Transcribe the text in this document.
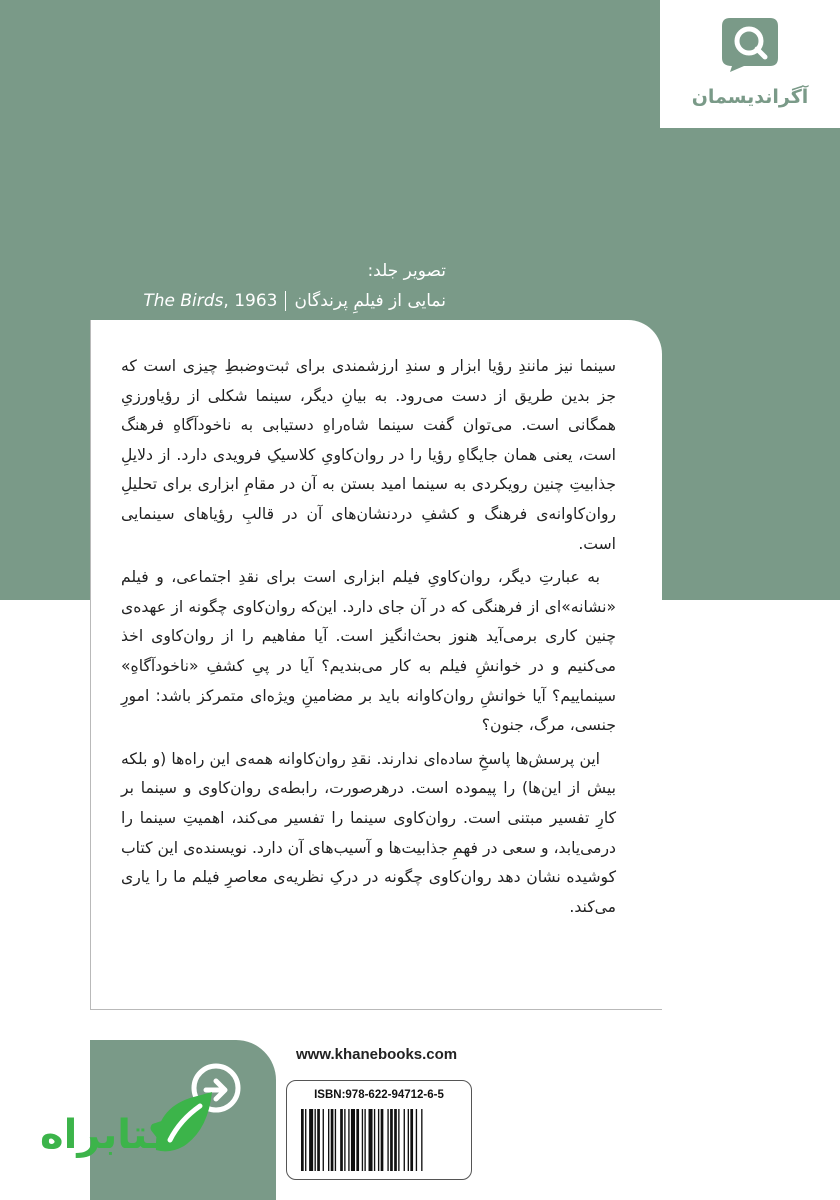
آگراندیسمان
تصویر جلد:
نمایی از فیلمِ پرندگانThe Birds, 1963

سینما نیز مانندِ رؤیا ابزار و سندِ ارزشمندی برای ثبت‌وضبطِ چیزی است که جز بدین طریق از دست می‌رود. به بیانِ دیگر، سینما شکلی از رؤیاورزیِ همگانی است. می‌توان گفت سینما شاه‌راهِ دستیابی به ناخودآگاهِ فرهنگ است، یعنی همان جایگاهِ رؤیا را در روان‌کاویِ کلاسیکِ فرویدی دارد. از دلایلِ جذابیتِ چنین رویکردی به سینما امید بستن به آن در مقامِ ابزاری برای تحلیلِ روان‌کاوانه‌ی فرهنگ و کشفِ دردنشان‌های آن در قالبِ رؤیاهای سینمایی است.

به عبارتِ دیگر، روان‌کاویِ فیلم ابزاری است برای نقدِ اجتماعی، و فیلم «نشانه»ای از فرهنگی که در آن جای دارد. این‌که روان‌کاوی چگونه از عهده‌ی چنین کاری برمی‌آید هنوز بحث‌انگیز است. آیا مفاهیم را از روان‌کاوی اخذ می‌کنیم و در خوانشِ فیلم به کار می‌بندیم؟ آیا در پیِ کشفِ «ناخودآگاهِ» سینماییم؟ آیا خوانشِ روان‌کاوانه باید بر مضامینِ ویژه‌ای متمرکز باشد: امورِ جنسی، مرگ، جنون؟

این پرسش‌ها پاسخِ ساده‌ای ندارند. نقدِ روان‌کاوانه همه‌ی این راه‌ها (و بلکه بیش از این‌ها) را پیموده است. درهرصورت، رابطه‌ی روان‌کاوی و سینما بر کارِ تفسیر مبتنی است. روان‌کاوی سینما را تفسیر می‌کند، اهمیتِ سینما را درمی‌یابد، و سعی در فهمِ جذابیت‌ها و آسیب‌های آن دارد. نویسنده‌ی این کتاب کوشیده نشان دهد روان‌کاوی چگونه در درکِ نظریه‌ی معاصرِ فیلم ما را یاری می‌کند.

کتابراه
www.khanebooks.com
ISBN:978-622-94712-6-5
